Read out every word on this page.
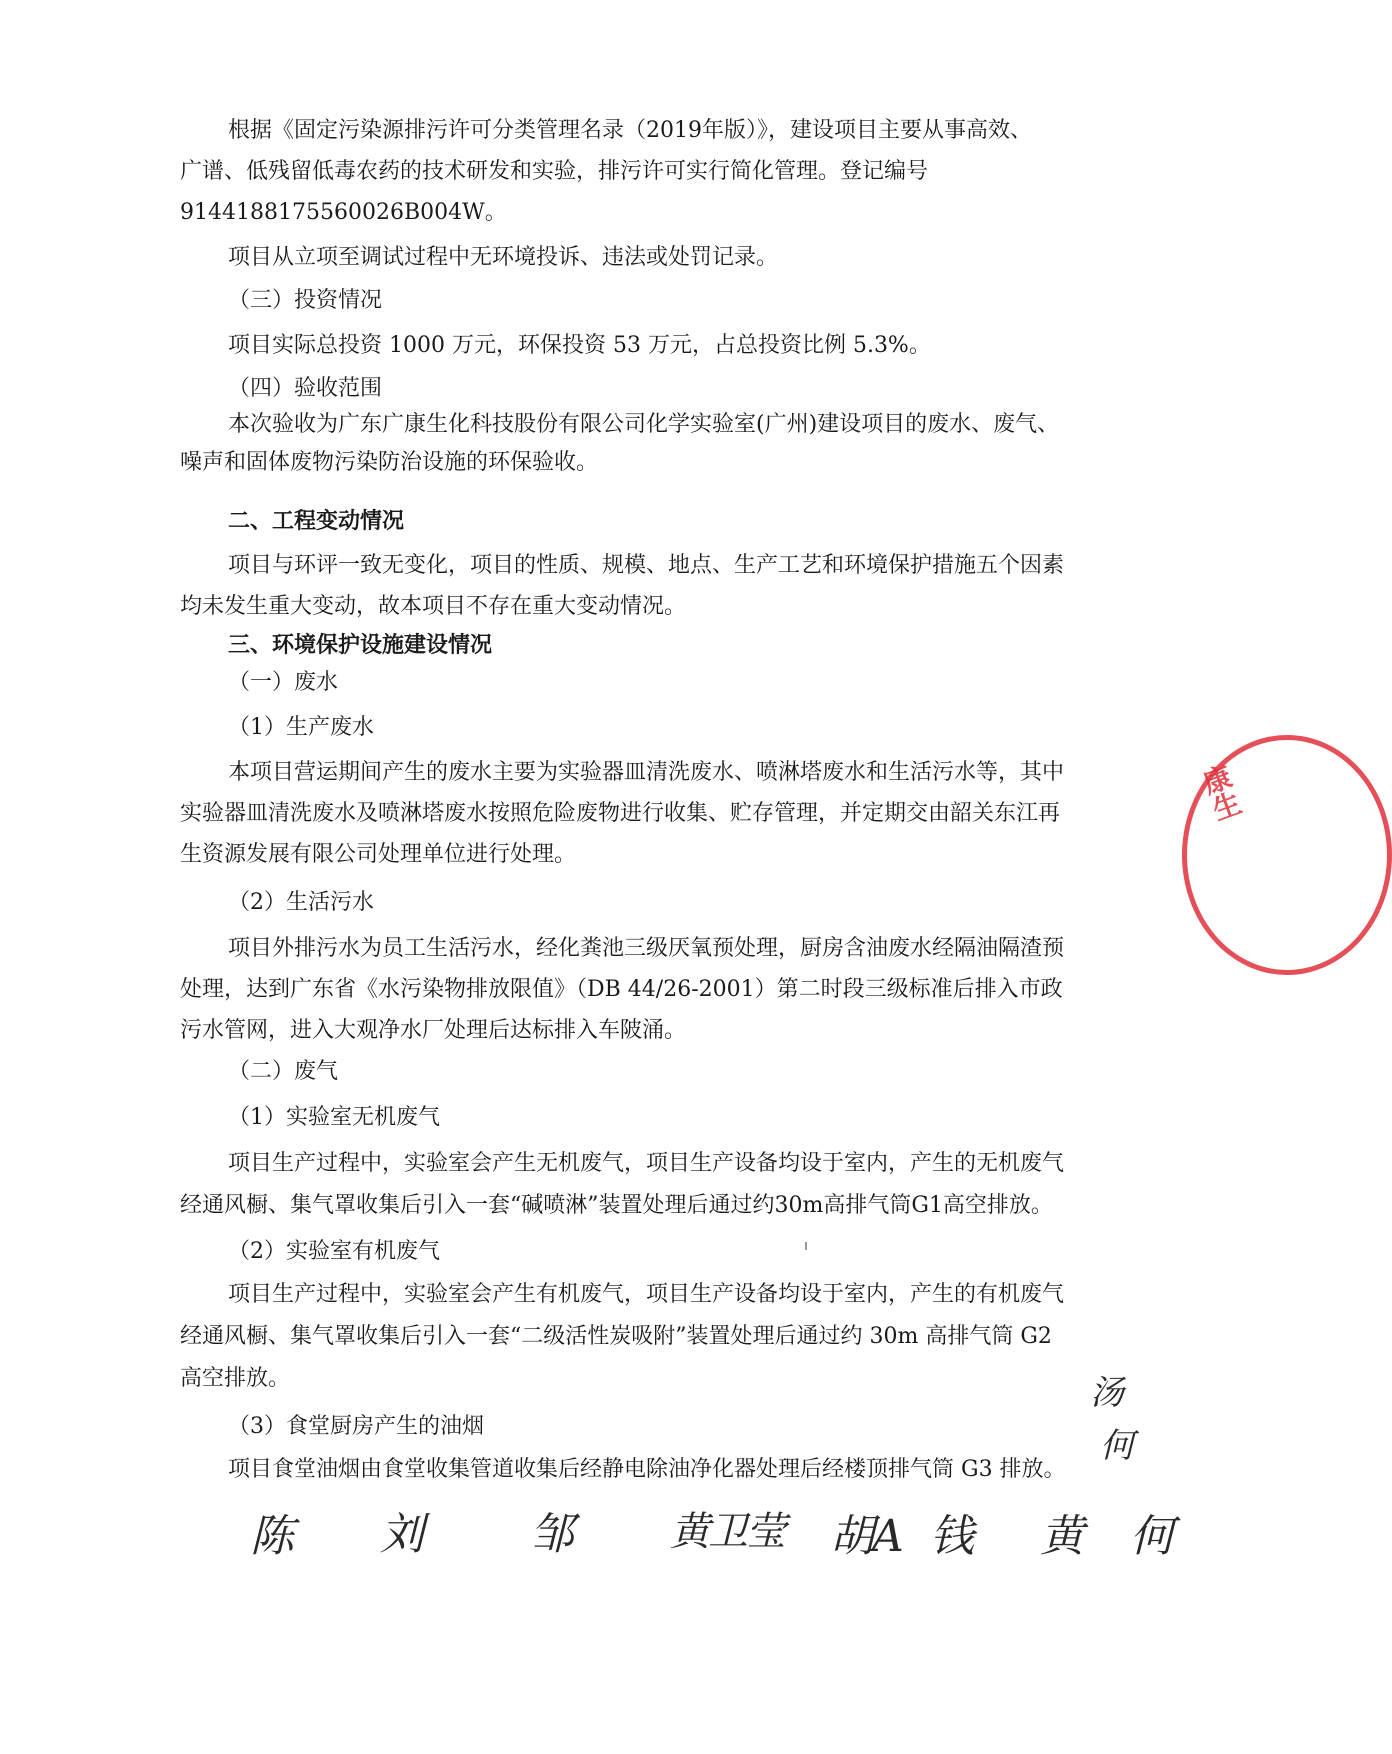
根据《固定污染源排污许可分类管理名录（2019年版）》，建设项目主要从事高效、
广谱、低残留低毒农药的技术研发和实验，排污许可实行简化管理。登记编号
9144188175560026B004W。
项目从立项至调试过程中无环境投诉、违法或处罚记录。
（三）投资情况
项目实际总投资 1000 万元，环保投资 53 万元，占总投资比例 5.3%。
（四）验收范围
本次验收为广东广康生化科技股份有限公司化学实验室(广州)建设项目的废水、废气、
噪声和固体废物污染防治设施的环保验收。
二、工程变动情况
项目与环评一致无变化，项目的性质、规模、地点、生产工艺和环境保护措施五个因素
均未发生重大变动，故本项目不存在重大变动情况。
三、环境保护设施建设情况
（一）废水
（1）生产废水
本项目营运期间产生的废水主要为实验器皿清洗废水、喷淋塔废水和生活污水等，其中
实验器皿清洗废水及喷淋塔废水按照危险废物进行收集、贮存管理，并定期交由韶关东江再
生资源发展有限公司处理单位进行处理。
（2）生活污水
项目外排污水为员工生活污水，经化粪池三级厌氧预处理，厨房含油废水经隔油隔渣预
处理，达到广东省《水污染物排放限值》（DB 44/26-2001）第二时段三级标准后排入市政
污水管网，进入大观净水厂处理后达标排入车陂涌。
（二）废气
（1）实验室无机废气
项目生产过程中，实验室会产生无机废气，项目生产设备均设于室内，产生的无机废气
经通风橱、集气罩收集后引入一套“碱喷淋”装置处理后通过约30m高排气筒G1高空排放。
（2）实验室有机废气
项目生产过程中，实验室会产生有机废气，项目生产设备均设于室内，产生的有机废气
经通风橱、集气罩收集后引入一套“二级活性炭吸附”装置处理后通过约 30m 高排气筒 G2
高空排放。
（3）食堂厨房产生的油烟
项目食堂油烟由食堂收集管道收集后经静电除油净化器处理后经楼顶排气筒 G3 排放。
康生
汤
何
陈 刘 邹 黄卫莹 胡A 钱 黄 何
